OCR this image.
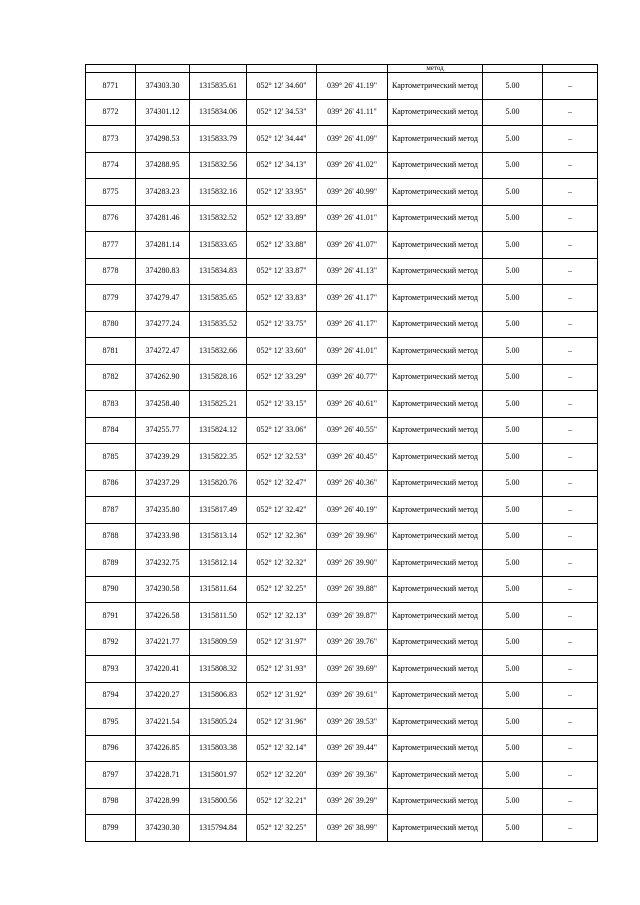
					метод		
8771	374303.30	1315835.61	052° 12' 34.60"	039° 26' 41.19"	Картометрический метод	5.00	–
8772	374301.12	1315834.06	052° 12' 34.53"	039° 26' 41.11"	Картометрический метод	5.00	–
8773	374298.53	1315833.79	052° 12' 34.44"	039° 26' 41.09"	Картометрический метод	5.00	–
8774	374288.95	1315832.56	052° 12' 34.13"	039° 26' 41.02"	Картометрический метод	5.00	–
8775	374283.23	1315832.16	052° 12' 33.95"	039° 26' 40.99"	Картометрический метод	5.00	–
8776	374281.46	1315832.52	052° 12' 33.89"	039° 26' 41.01"	Картометрический метод	5.00	–
8777	374281.14	1315833.65	052° 12' 33.88"	039° 26' 41.07"	Картометрический метод	5.00	–
8778	374280.83	1315834.83	052° 12' 33.87"	039° 26' 41.13"	Картометрический метод	5.00	–
8779	374279.47	1315835.65	052° 12' 33.83"	039° 26' 41.17"	Картометрический метод	5.00	–
8780	374277.24	1315835.52	052° 12' 33.75"	039° 26' 41.17"	Картометрический метод	5.00	–
8781	374272.47	1315832.66	052° 12' 33.60"	039° 26' 41.01"	Картометрический метод	5.00	–
8782	374262.90	1315828.16	052° 12' 33.29"	039° 26' 40.77"	Картометрический метод	5.00	–
8783	374258.40	1315825.21	052° 12' 33.15"	039° 26' 40.61"	Картометрический метод	5.00	–
8784	374255.77	1315824.12	052° 12' 33.06"	039° 26' 40.55"	Картометрический метод	5.00	–
8785	374239.29	1315822.35	052° 12' 32.53"	039° 26' 40.45"	Картометрический метод	5.00	–
8786	374237.29	1315820.76	052° 12' 32.47"	039° 26' 40.36"	Картометрический метод	5.00	–
8787	374235.80	1315817.49	052° 12' 32.42"	039° 26' 40.19"	Картометрический метод	5.00	–
8788	374233.98	1315813.14	052° 12' 32.36"	039° 26' 39.96"	Картометрический метод	5.00	–
8789	374232.75	1315812.14	052° 12' 32.32"	039° 26' 39.90"	Картометрический метод	5.00	–
8790	374230.58	1315811.64	052° 12' 32.25"	039° 26' 39.88"	Картометрический метод	5.00	–
8791	374226.58	1315811.50	052° 12' 32.13"	039° 26' 39.87"	Картометрический метод	5.00	–
8792	374221.77	1315809.59	052° 12' 31.97"	039° 26' 39.76"	Картометрический метод	5.00	–
8793	374220.41	1315808.32	052° 12' 31.93"	039° 26' 39.69"	Картометрический метод	5.00	–
8794	374220.27	1315806.83	052° 12' 31.92"	039° 26' 39.61"	Картометрический метод	5.00	–
8795	374221.54	1315805.24	052° 12' 31.96"	039° 26' 39.53"	Картометрический метод	5.00	–
8796	374226.85	1315803.38	052° 12' 32.14"	039° 26' 39.44"	Картометрический метод	5.00	–
8797	374228.71	1315801.97	052° 12' 32.20"	039° 26' 39.36"	Картометрический метод	5.00	–
8798	374228.99	1315800.56	052° 12' 32.21"	039° 26' 39.29"	Картометрический метод	5.00	–
8799	374230.30	1315794.84	052° 12' 32.25"	039° 26' 38.99"	Картометрический метод	5.00	–
